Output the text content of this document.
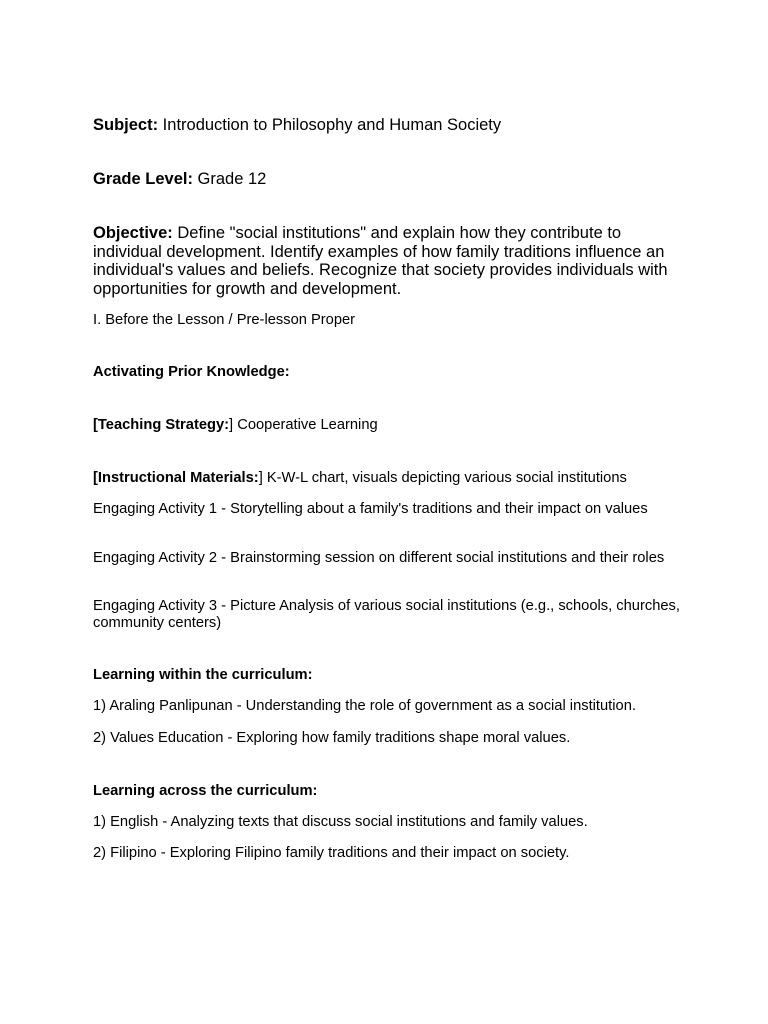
Subject: Introduction to Philosophy and Human Society

Grade Level: Grade 12

Objective: Define "social institutions" and explain how they contribute to individual development. Identify examples of how family traditions influence an individual's values and beliefs. Recognize that society provides individuals with opportunities for growth and development.

I. Before the Lesson / Pre-lesson Proper

Activating Prior Knowledge:

[Teaching Strategy:] Cooperative Learning

[Instructional Materials:] K-W-L chart, visuals depicting various social institutions

Engaging Activity 1 - Storytelling about a family's traditions and their impact on values

Engaging Activity 2 - Brainstorming session on different social institutions and their roles

Engaging Activity 3 - Picture Analysis of various social institutions (e.g., schools, churches, community centers)

Learning within the curriculum:

1) Araling Panlipunan - Understanding the role of government as a social institution.

2) Values Education - Exploring how family traditions shape moral values.

Learning across the curriculum:

1) English - Analyzing texts that discuss social institutions and family values.

2) Filipino - Exploring Filipino family traditions and their impact on society.
